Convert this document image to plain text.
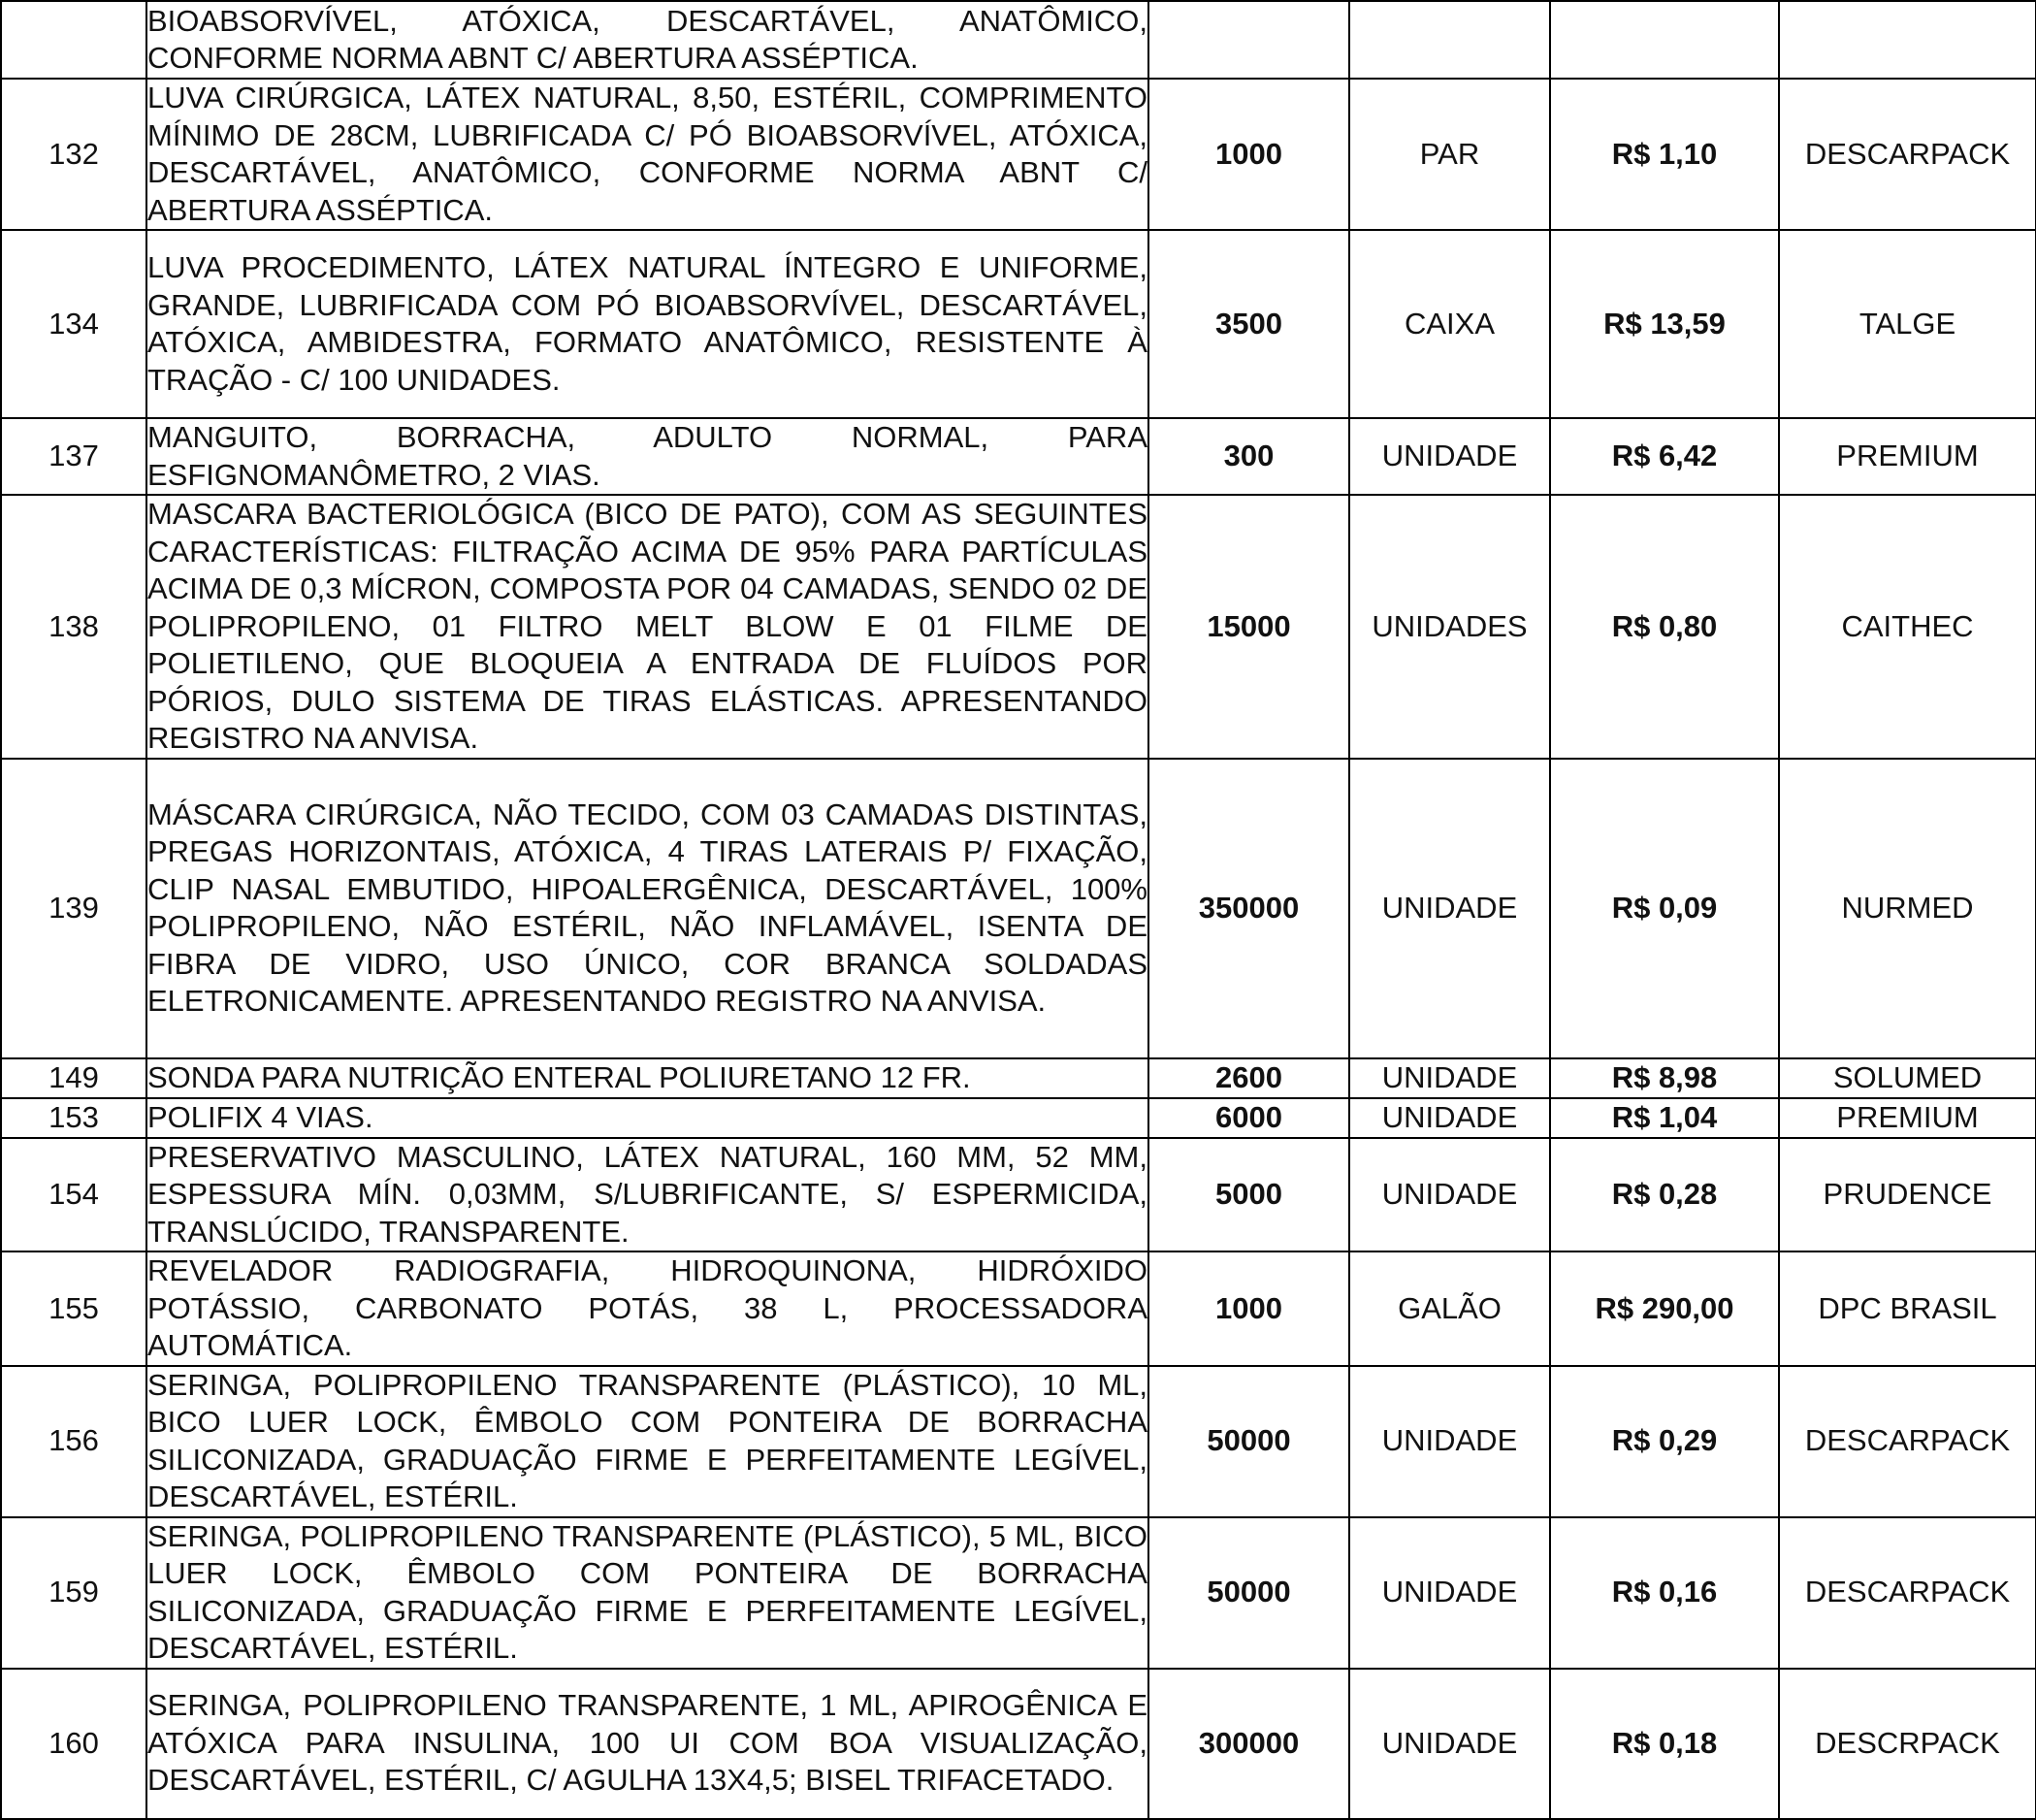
	BIOABSORVÍVEL, ATÓXICA, DESCARTÁVEL, ANATÔMICO, CONFORME NORMA ABNT C/ ABERTURA ASSÉPTICA.				
132	LUVA CIRÚRGICA, LÁTEX NATURAL, 8,50, ESTÉRIL, COMPRIMENTO MÍNIMO DE 28CM, LUBRIFICADA C/ PÓ BIOABSORVÍVEL, ATÓXICA, DESCARTÁVEL, ANATÔMICO, CONFORME NORMA ABNT C/ ABERTURA ASSÉPTICA.	1000	PAR	R$ 1,10	DESCARPACK
134	LUVA PROCEDIMENTO, LÁTEX NATURAL ÍNTEGRO E UNIFORME, GRANDE, LUBRIFICADA COM PÓ BIOABSORVÍVEL, DESCARTÁVEL, ATÓXICA, AMBIDESTRA, FORMATO ANATÔMICO, RESISTENTE À TRAÇÃO - C/ 100 UNIDADES.	3500	CAIXA	R$ 13,59	TALGE
137	MANGUITO, BORRACHA, ADULTO NORMAL, PARA ESFIGNOMANÔMETRO, 2 VIAS.	300	UNIDADE	R$ 6,42	PREMIUM
138	MASCARA BACTERIOLÓGICA (BICO DE PATO), COM AS SEGUINTES CARACTERÍSTICAS: FILTRAÇÃO ACIMA DE 95% PARA PARTÍCULAS ACIMA DE 0,3 MÍCRON, COMPOSTA POR 04 CAMADAS, SENDO 02 DE POLIPROPILENO, 01 FILTRO MELT BLOW E 01 FILME DE POLIETILENO, QUE BLOQUEIA A ENTRADA DE FLUÍDOS POR PÓRIOS, DULO SISTEMA DE TIRAS ELÁSTICAS. APRESENTANDO REGISTRO NA ANVISA.	15000	UNIDADES	R$ 0,80	CAITHEC
139	MÁSCARA CIRÚRGICA, NÃO TECIDO, COM 03 CAMADAS DISTINTAS, PREGAS HORIZONTAIS, ATÓXICA, 4 TIRAS LATERAIS P/ FIXAÇÃO, CLIP NASAL EMBUTIDO, HIPOALERGÊNICA, DESCARTÁVEL, 100% POLIPROPILENO, NÃO ESTÉRIL, NÃO INFLAMÁVEL, ISENTA DE FIBRA DE VIDRO, USO ÚNICO, COR BRANCA SOLDADAS ELETRONICAMENTE. APRESENTANDO REGISTRO NA ANVISA.	350000	UNIDADE	R$ 0,09	NURMED
149	SONDA PARA NUTRIÇÃO ENTERAL POLIURETANO 12 FR.	2600	UNIDADE	R$ 8,98	SOLUMED
153	POLIFIX 4 VIAS.	6000	UNIDADE	R$ 1,04	PREMIUM
154	PRESERVATIVO MASCULINO, LÁTEX NATURAL, 160 MM, 52 MM, ESPESSURA MÍN. 0,03MM, S/LUBRIFICANTE, S/ ESPERMICIDA, TRANSLÚCIDO, TRANSPARENTE.	5000	UNIDADE	R$ 0,28	PRUDENCE
155	REVELADOR RADIOGRAFIA, HIDROQUINONA, HIDRÓXIDO POTÁSSIO, CARBONATO POTÁS, 38 L, PROCESSADORA AUTOMÁTICA.	1000	GALÃO	R$ 290,00	DPC BRASIL
156	SERINGA, POLIPROPILENO TRANSPARENTE (PLÁSTICO), 10 ML, BICO LUER LOCK, ÊMBOLO COM PONTEIRA DE BORRACHA SILICONIZADA, GRADUAÇÃO FIRME E PERFEITAMENTE LEGÍVEL, DESCARTÁVEL, ESTÉRIL.	50000	UNIDADE	R$ 0,29	DESCARPACK
159	SERINGA, POLIPROPILENO TRANSPARENTE (PLÁSTICO), 5 ML, BICO LUER LOCK, ÊMBOLO COM PONTEIRA DE BORRACHA SILICONIZADA, GRADUAÇÃO FIRME E PERFEITAMENTE LEGÍVEL, DESCARTÁVEL, ESTÉRIL.	50000	UNIDADE	R$ 0,16	DESCARPACK
160	SERINGA, POLIPROPILENO TRANSPARENTE, 1 ML, APIROGÊNICA E ATÓXICA PARA INSULINA, 100 UI COM BOA VISUALIZAÇÃO, DESCARTÁVEL, ESTÉRIL, C/ AGULHA 13X4,5; BISEL TRIFACETADO.	300000	UNIDADE	R$ 0,18	DESCRPACK
